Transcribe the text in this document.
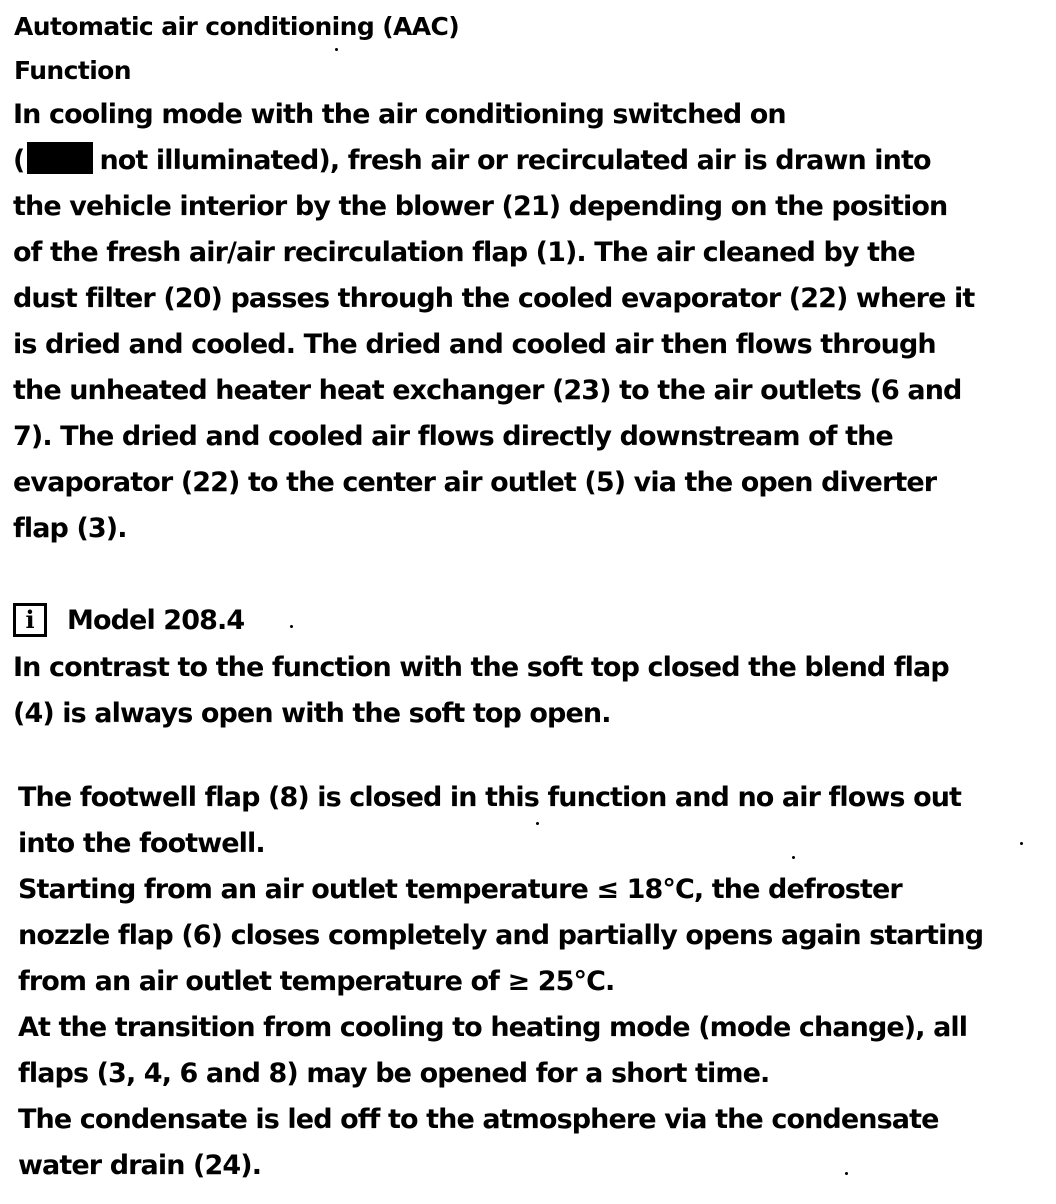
Automatic air conditioning (AAC)
Function
In cooling mode with the air conditioning switched on
(	not illuminated), fresh air or recirculated air is drawn into
the vehicle interior by the blower (21) depending on the position
of the fresh air/air recirculation flap (1). The air cleaned by the
dust filter (20) passes through the cooled evaporator (22) where it
is dried and cooled. The dried and cooled air then flows through
the unheated heater heat exchanger (23) to the air outlets (6 and
7). The dried and cooled air flows directly downstream of the
evaporator (22) to the center air outlet (5) via the open diverter
flap (3).
i	Model 208.4
In contrast to the function with the soft top closed the blend flap
(4) is always open with the soft top open.
The footwell flap (8) is closed in this function and no air flows out
into the footwell.
Starting from an air outlet temperature ≤ 18°C, the defroster
nozzle flap (6) closes completely and partially opens again starting
from an air outlet temperature of ≥ 25°C.
At the transition from cooling to heating mode (mode change), all
flaps (3, 4, 6 and 8) may be opened for a short time.
The condensate is led off to the atmosphere via the condensate
water drain (24).
